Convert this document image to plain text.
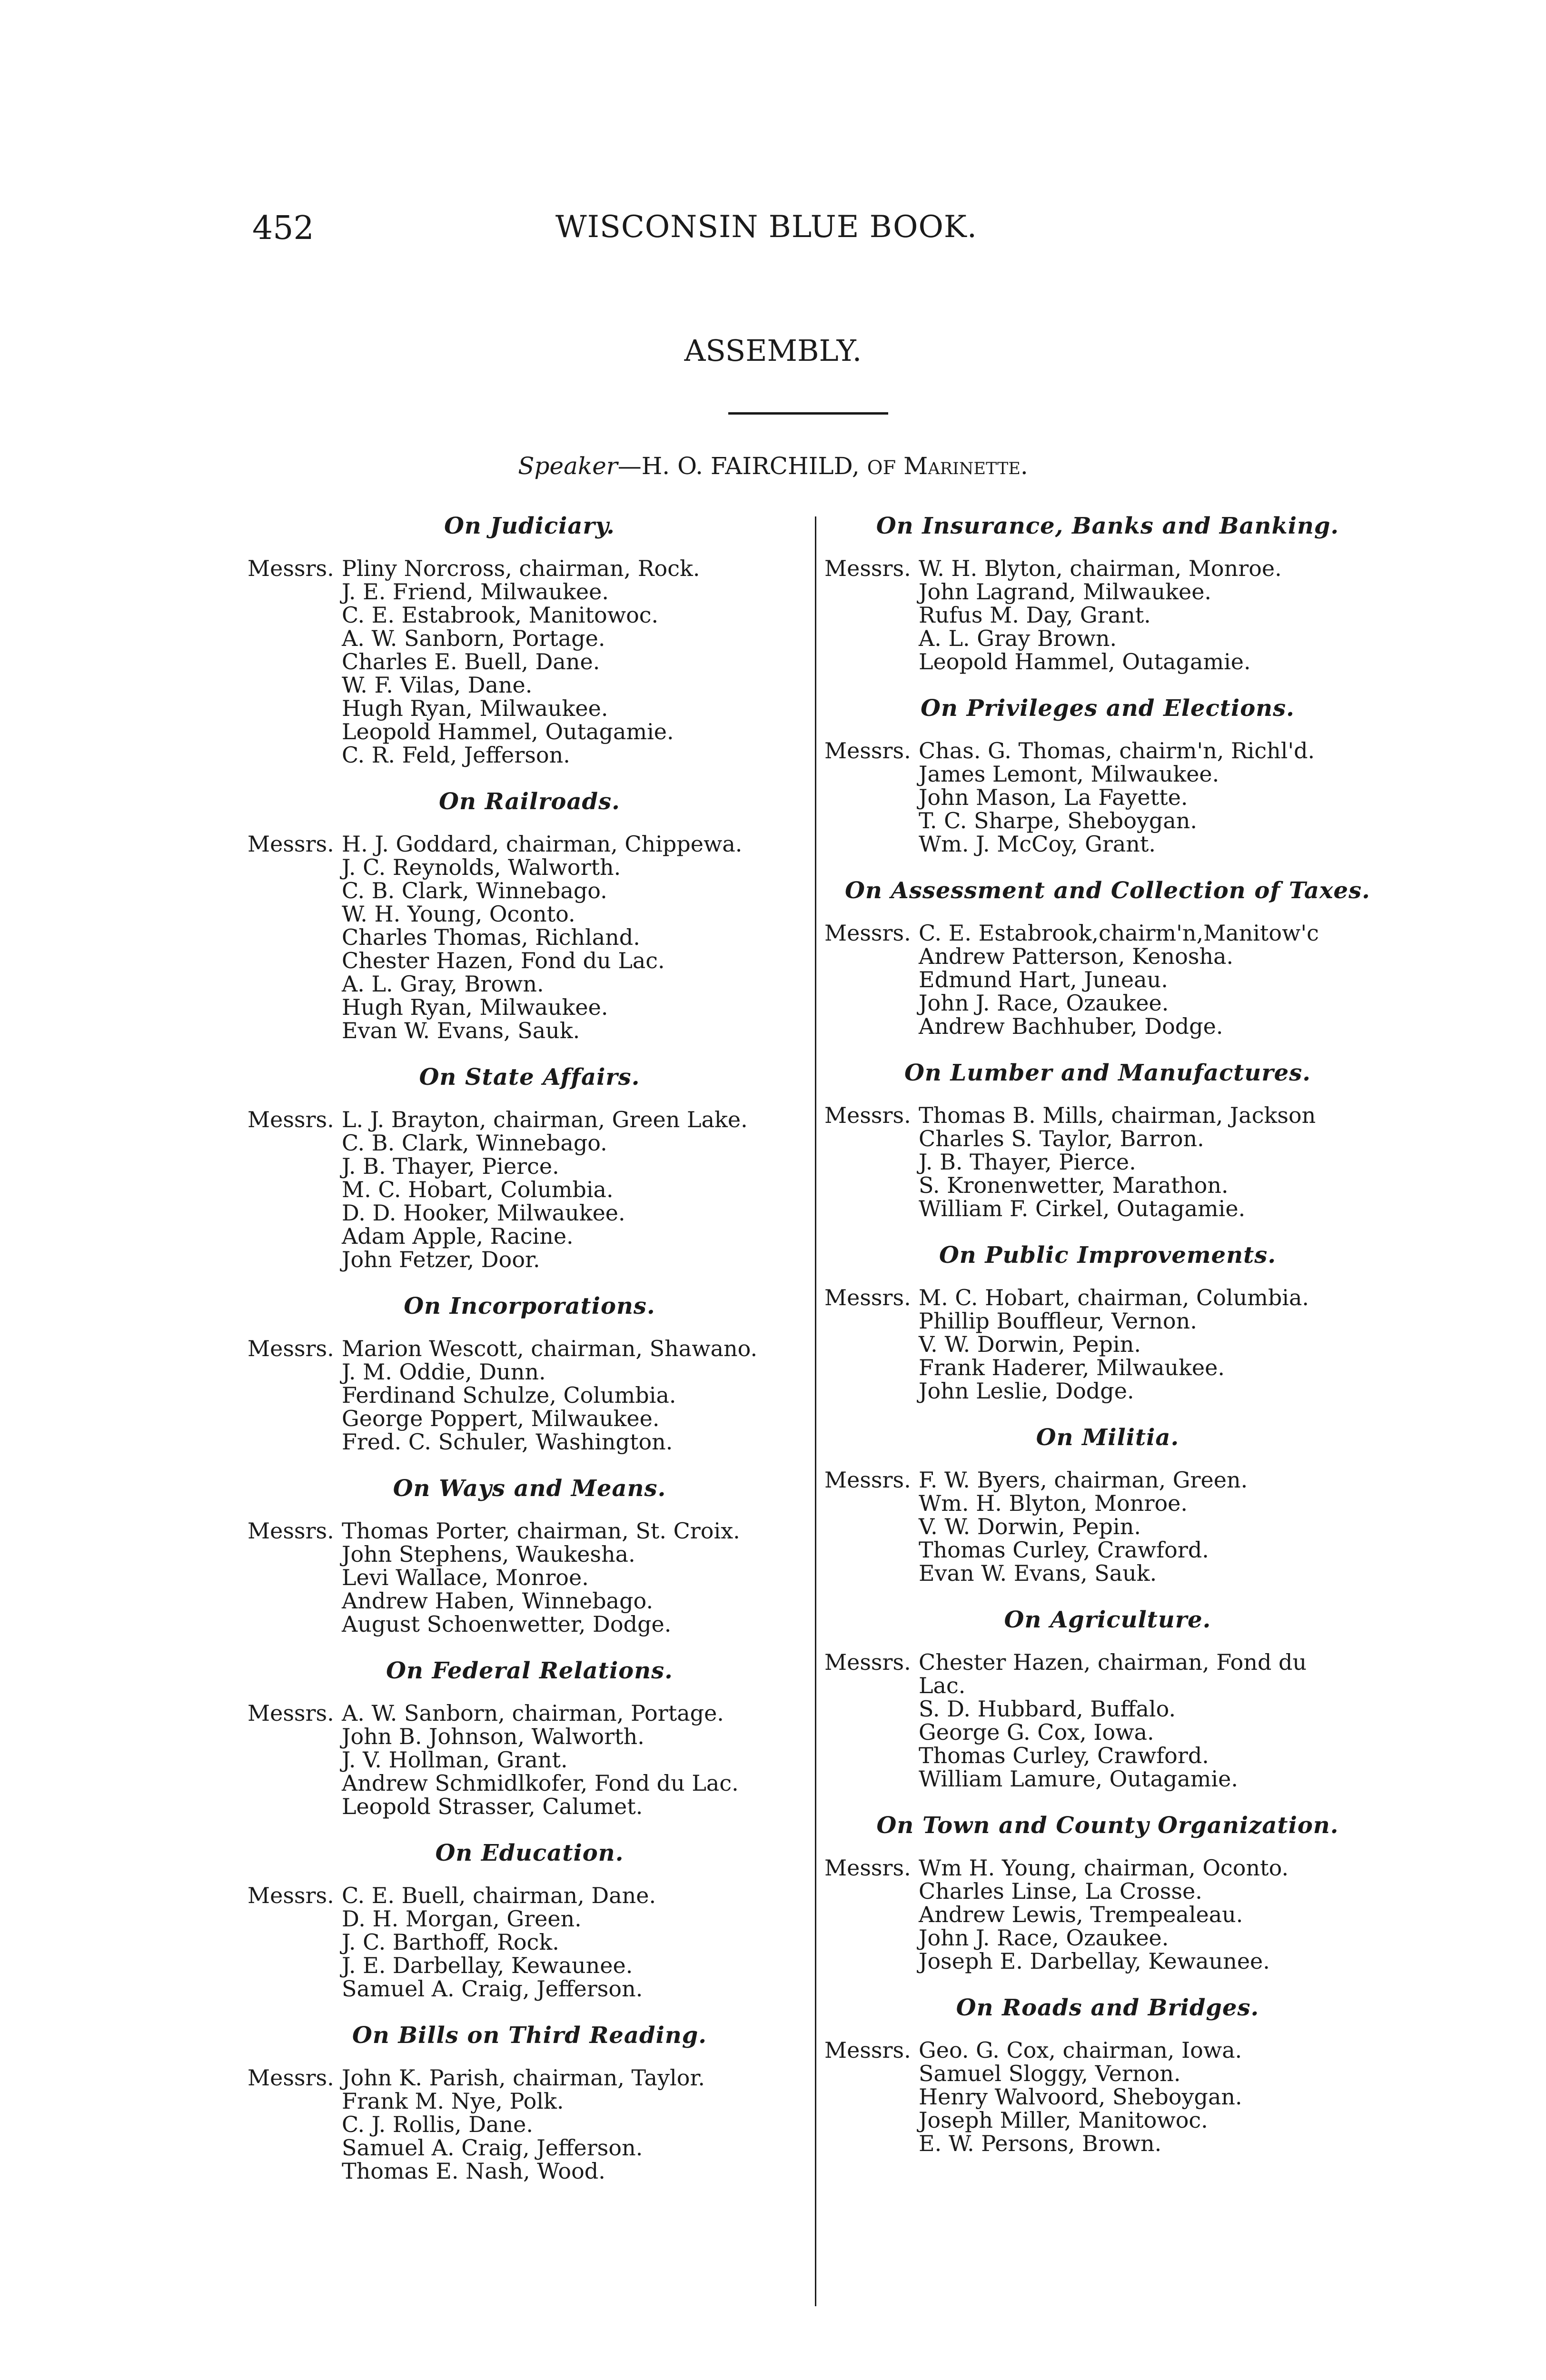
452	WISCONSIN BLUE BOOK.
ASSEMBLY.
Speaker—H. O. FAIRCHILD, OF Marinette.
On Judiciary.
Messrs. Pliny Norcross, chairman, Rock.
J. E. Friend, Milwaukee.
C. E. Estabrook, Manitowoc.
A. W. Sanborn, Portage.
Charles E. Buell, Dane.
W. F. Vilas, Dane.
Hugh Ryan, Milwaukee.
Leopold Hammel, Outagamie.
C. R. Feld, Jefferson.
On Railroads.
Messrs. H. J. Goddard, chairman, Chippewa.
J. C. Reynolds, Walworth.
C. B. Clark, Winnebago.
W. H. Young, Oconto.
Charles Thomas, Richland.
Chester Hazen, Fond du Lac.
A. L. Gray, Brown.
Hugh Ryan, Milwaukee.
Evan W. Evans, Sauk.
On State Affairs.
Messrs. L. J. Brayton, chairman, Green Lake.
C. B. Clark, Winnebago.
J. B. Thayer, Pierce.
M. C. Hobart, Columbia.
D. D. Hooker, Milwaukee.
Adam Apple, Racine.
John Fetzer, Door.
On Incorporations.
Messrs. Marion Wescott, chairman, Shawano.
J. M. Oddie, Dunn.
Ferdinand Schulze, Columbia.
George Poppert, Milwaukee.
Fred. C. Schuler, Washington.
On Ways and Means.
Messrs. Thomas Porter, chairman, St. Croix.
John Stephens, Waukesha.
Levi Wallace, Monroe.
Andrew Haben, Winnebago.
August Schoenwetter, Dodge.
On Federal Relations.
Messrs. A. W. Sanborn, chairman, Portage.
John B. Johnson, Walworth.
J. V. Hollman, Grant.
Andrew Schmidlkofer, Fond du Lac.
Leopold Strasser, Calumet.
On Education.
Messrs. C. E. Buell, chairman, Dane.
D. H. Morgan, Green.
J. C. Barthoff, Rock.
J. E. Darbellay, Kewaunee.
Samuel A. Craig, Jefferson.
On Bills on Third Reading.
Messrs. John K. Parish, chairman, Taylor.
Frank M. Nye, Polk.
C. J. Rollis, Dane.
Samuel A. Craig, Jefferson.
Thomas E. Nash, Wood.
On Insurance, Banks and Banking.
Messrs. W. H. Blyton, chairman, Monroe.
John Lagrand, Milwaukee.
Rufus M. Day, Grant.
A. L. Gray Brown.
Leopold Hammel, Outagamie.
On Privileges and Elections.
Messrs. Chas. G. Thomas, chairm'n, Richl'd.
James Lemont, Milwaukee.
John Mason, La Fayette.
T. C. Sharpe, Sheboygan.
Wm. J. McCoy, Grant.
On Assessment and Collection of Taxes.
Messrs. C. E. Estabrook,chairm'n,Manitow'c
Andrew Patterson, Kenosha.
Edmund Hart, Juneau.
John J. Race, Ozaukee.
Andrew Bachhuber, Dodge.
On Lumber and Manufactures.
Messrs. Thomas B. Mills, chairman, Jackson
Charles S. Taylor, Barron.
J. B. Thayer, Pierce.
S. Kronenwetter, Marathon.
William F. Cirkel, Outagamie.
On Public Improvements.
Messrs. M. C. Hobart, chairman, Columbia.
Phillip Bouffleur, Vernon.
V. W. Dorwin, Pepin.
Frank Haderer, Milwaukee.
John Leslie, Dodge.
On Militia.
Messrs. F. W. Byers, chairman, Green.
Wm. H. Blyton, Monroe.
V. W. Dorwin, Pepin.
Thomas Curley, Crawford.
Evan W. Evans, Sauk.
On Agriculture.
Messrs. Chester Hazen, chairman, Fond du
Lac.
S. D. Hubbard, Buffalo.
George G. Cox, Iowa.
Thomas Curley, Crawford.
William Lamure, Outagamie.
On Town and County Organization.
Messrs. Wm H. Young, chairman, Oconto.
Charles Linse, La Crosse.
Andrew Lewis, Trempealeau.
John J. Race, Ozaukee.
Joseph E. Darbellay, Kewaunee.
On Roads and Bridges.
Messrs. Geo. G. Cox, chairman, Iowa.
Samuel Sloggy, Vernon.
Henry Walvoord, Sheboygan.
Joseph Miller, Manitowoc.
E. W. Persons, Brown.
